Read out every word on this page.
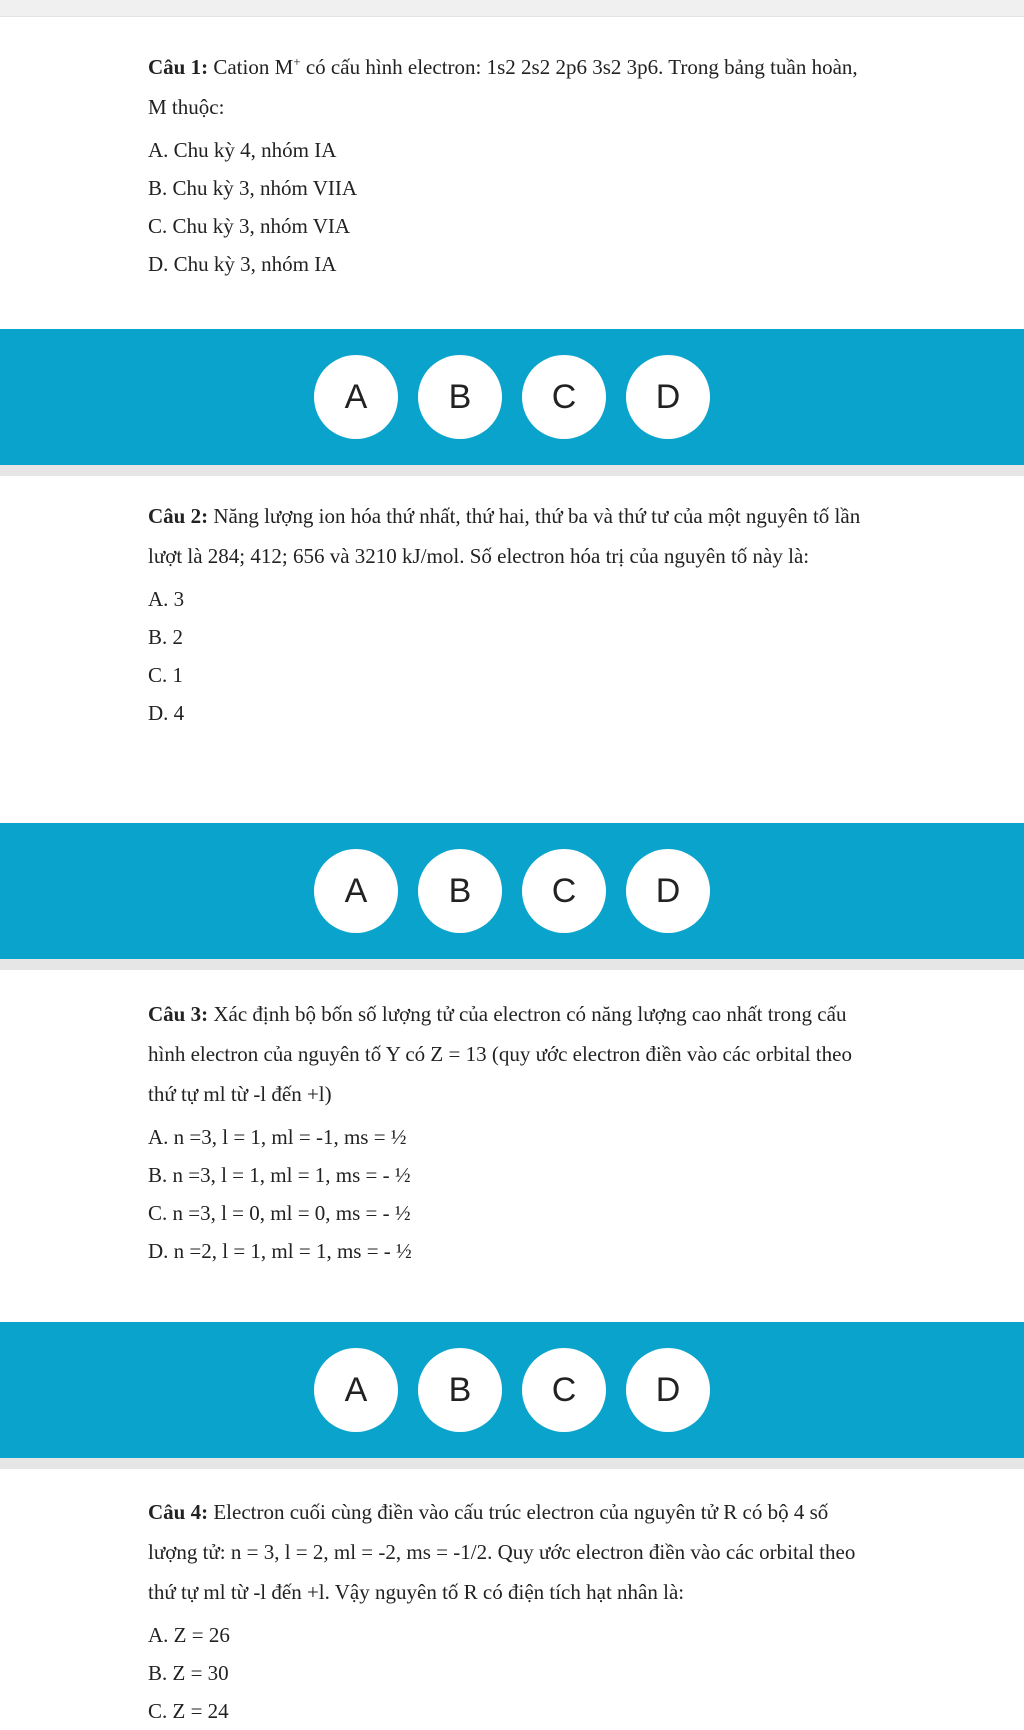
Câu 1: Cation M+ có cấu hình electron: 1s2 2s2 2p6 3s2 3p6. Trong bảng tuần hoàn, M thuộc:

A. Chu kỳ 4, nhóm IA
B. Chu kỳ 3, nhóm VIIA
C. Chu kỳ 3, nhóm VIA
D. Chu kỳ 3, nhóm IA
A	B	C	D

Câu 2: Năng lượng ion hóa thứ nhất, thứ hai, thứ ba và thứ tư của một nguyên tố lần lượt là 284; 412; 656 và 3210 kJ/mol. Số electron hóa trị của nguyên tố này là:

A. 3
B. 2
C. 1
D. 4
A	B	C	D

Câu 3: Xác định bộ bốn số lượng tử của electron có năng lượng cao nhất trong cấu hình electron của nguyên tố Y có Z = 13 (quy ước electron điền vào các orbital theo thứ tự ml từ -l đến +l)

A. n =3, l = 1, ml = -1, ms = ½
B. n =3, l = 1, ml = 1, ms = - ½
C. n =3, l = 0, ml = 0, ms = - ½
D. n =2, l = 1, ml = 1, ms = - ½
A	B	C	D

Câu 4: Electron cuối cùng điền vào cấu trúc electron của nguyên tử R có bộ 4 số lượng tử: n = 3, l = 2, ml = -2, ms = -1/2. Quy ước electron điền vào các orbital theo thứ tự ml từ -l đến +l. Vậy nguyên tố R có điện tích hạt nhân là:

A. Z = 26
B. Z = 30
C. Z = 24
